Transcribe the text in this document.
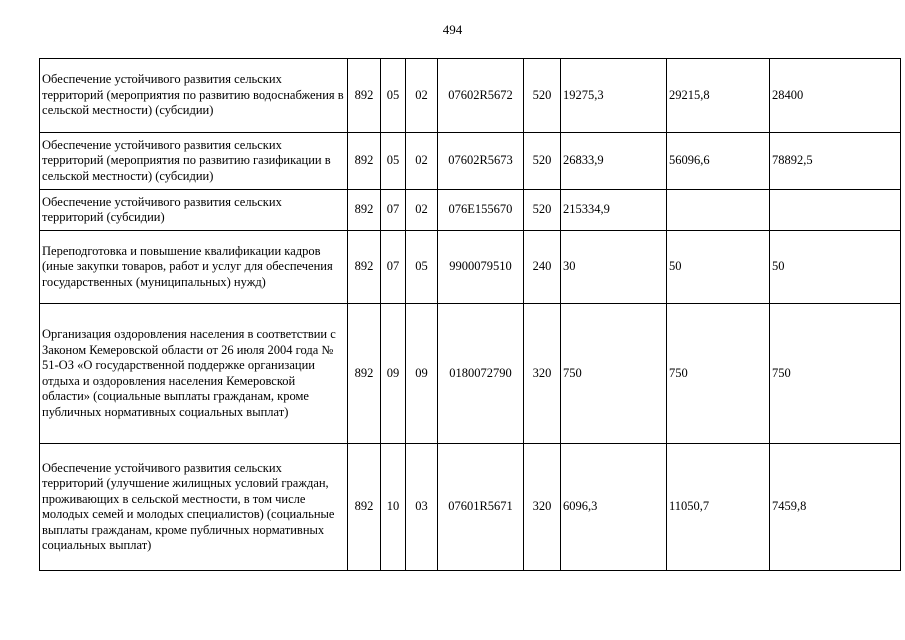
494
Обеспечение устойчивого развития сельских территорий (мероприятия по развитию водоснабжения в сельской местности) (субсидии)	892	05	02	07602R5672	520	19275,3	29215,8	28400
Обеспечение устойчивого развития сельских территорий (мероприятия по развитию газификации в сельской местности) (субсидии)	892	05	02	07602R5673	520	26833,9	56096,6	78892,5
Обеспечение устойчивого развития сельских территорий (субсидии)	892	07	02	076E155670	520	215334,9		
Переподготовка и повышение квалификации кадров (иные закупки товаров, работ и услуг для обеспечения государственных (муниципальных) нужд)	892	07	05	9900079510	240	30	50	50
Организация оздоровления населения в соответствии с Законом Кемеровской области от 26 июля 2004 года № 51-ОЗ «О государственной поддержке организации отдыха и оздоровления населения Кемеровской области» (социальные выплаты гражданам, кроме публичных нормативных социальных выплат)	892	09	09	0180072790	320	750	750	750
Обеспечение устойчивого развития сельских территорий (улучшение жилищных условий граждан, проживающих в сельской местности, в том числе молодых семей и молодых специалистов) (социальные выплаты гражданам, кроме публичных нормативных социальных выплат)	892	10	03	07601R5671	320	6096,3	11050,7	7459,8
